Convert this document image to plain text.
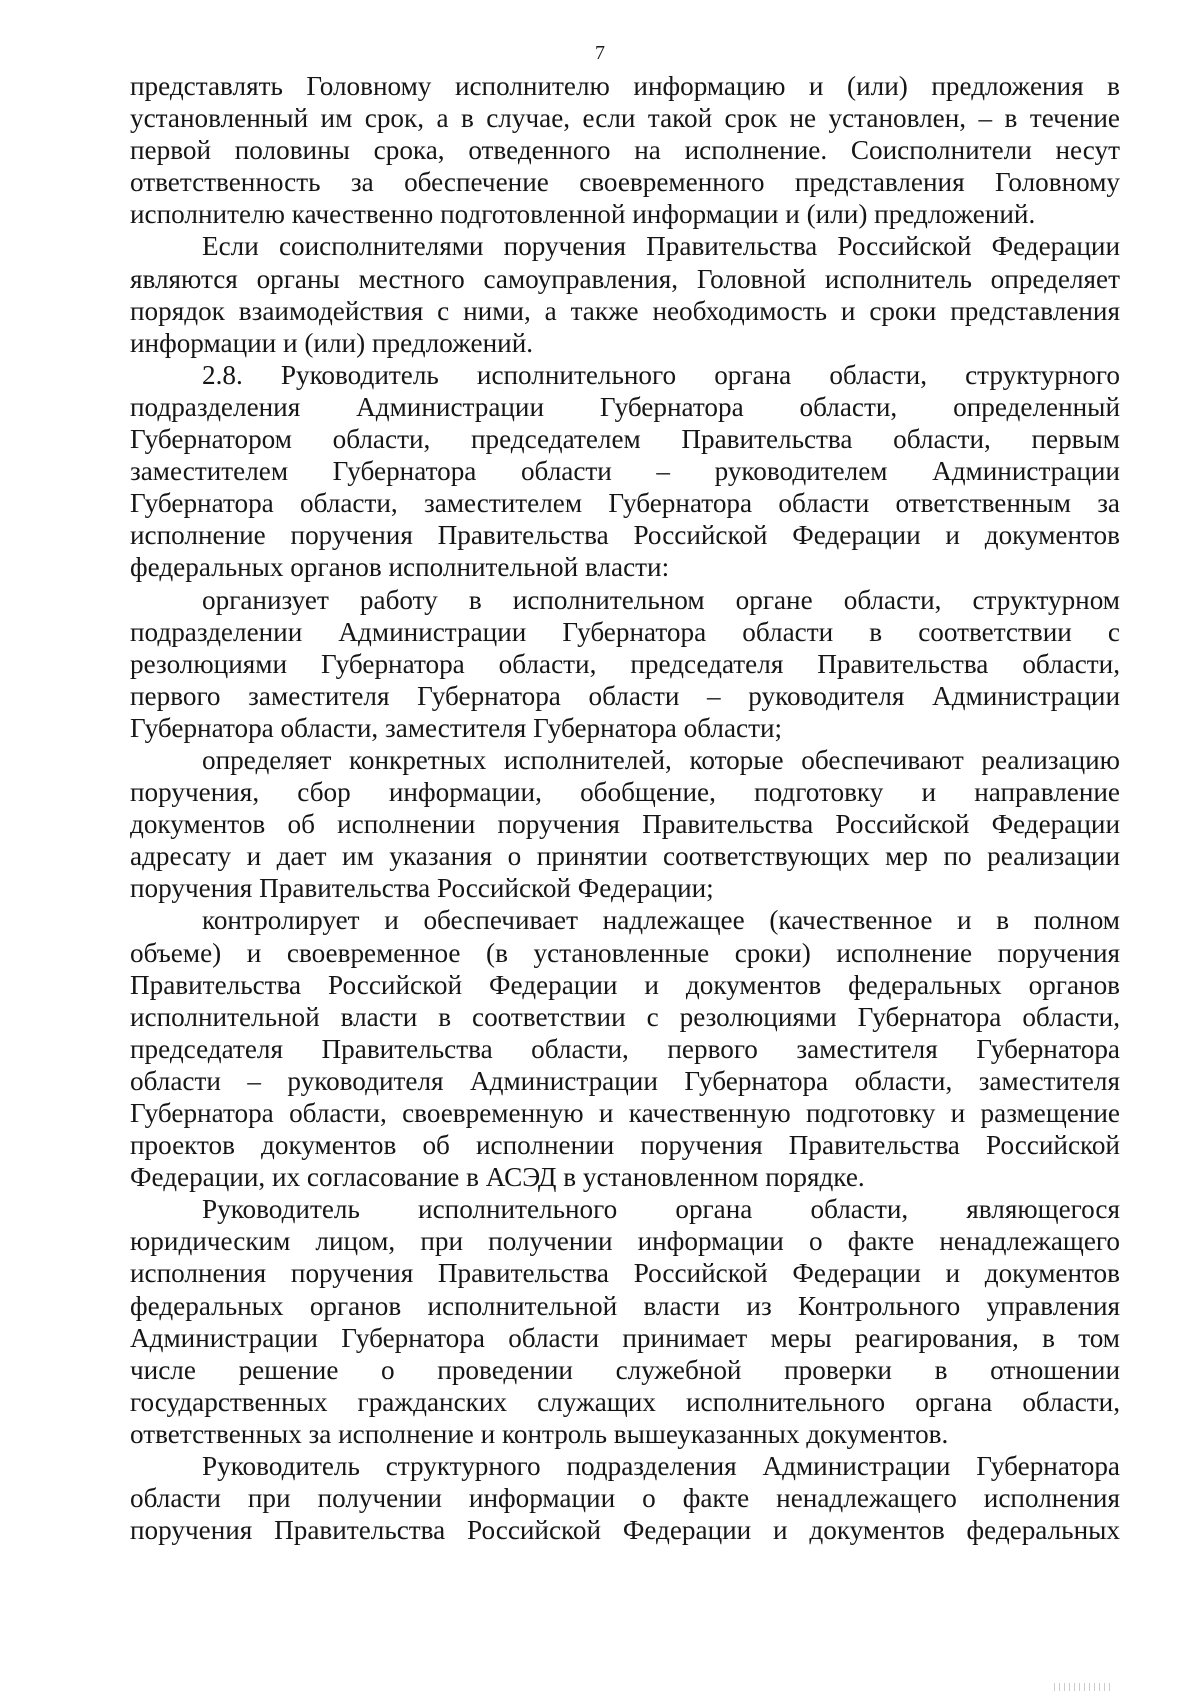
7
представлять Головному исполнителю информацию и (или) предложения в
установленный им срок, а в случае, если такой срок не установлен, – в течение
первой половины срока, отведенного на исполнение. Соисполнители несут
ответственность за обеспечение своевременного представления Головному
исполнителю качественно подготовленной информации и (или) предложений.
Если соисполнителями поручения Правительства Российской Федерации
являются органы местного самоуправления, Головной исполнитель определяет
порядок взаимодействия с ними, а также необходимость и сроки представления
информации и (или) предложений.
2.8. Руководитель исполнительного органа области, структурного
подразделения Администрации Губернатора области, определенный
Губернатором области, председателем Правительства области, первым
заместителем Губернатора области – руководителем Администрации
Губернатора области, заместителем Губернатора области ответственным за
исполнение поручения Правительства Российской Федерации и документов
федеральных органов исполнительной власти:
организует работу в исполнительном органе области, структурном
подразделении Администрации Губернатора области в соответствии с
резолюциями Губернатора области, председателя Правительства области,
первого заместителя Губернатора области – руководителя Администрации
Губернатора области, заместителя Губернатора области;
определяет конкретных исполнителей, которые обеспечивают реализацию
поручения, сбор информации, обобщение, подготовку и направление
документов об исполнении поручения Правительства Российской Федерации
адресату и дает им указания о принятии соответствующих мер по реализации
поручения Правительства Российской Федерации;
контролирует и обеспечивает надлежащее (качественное и в полном
объеме) и своевременное (в установленные сроки) исполнение поручения
Правительства Российской Федерации и документов федеральных органов
исполнительной власти в соответствии с резолюциями Губернатора области,
председателя Правительства области, первого заместителя Губернатора
области – руководителя Администрации Губернатора области, заместителя
Губернатора области, своевременную и качественную подготовку и размещение
проектов документов об исполнении поручения Правительства Российской
Федерации, их согласование в АСЭД в установленном порядке.
Руководитель исполнительного органа области, являющегося
юридическим лицом, при получении информации о факте ненадлежащего
исполнения поручения Правительства Российской Федерации и документов
федеральных органов исполнительной власти из Контрольного управления
Администрации Губернатора области принимает меры реагирования, в том
числе решение о проведении служебной проверки в отношении
государственных гражданских служащих исполнительного органа области,
ответственных за исполнение и контроль вышеуказанных документов.
Руководитель структурного подразделения Администрации Губернатора
области при получении информации о факте ненадлежащего исполнения
поручения Правительства Российской Федерации и документов федеральных
